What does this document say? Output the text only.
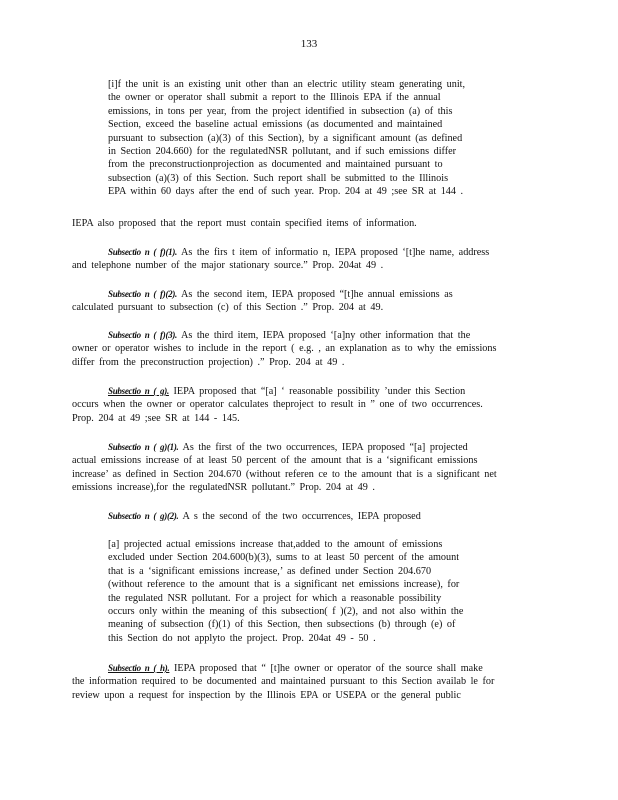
133
[i]f the unit is an existing unit other than an electric utility steam generating unit,
the owner or operator shall submit a report to the Illinois EPA if the annual
emissions, in tons per year, from the project identified in subsection (a) of this
Section, exceed the baseline actual emissions (as documented and maintained
pursuant to subsection (a)(3) of this Section), by a significant amount (as defined
in Section 204.660) for the regulatedNSR pollutant, and if such emissions differ
from the preconstructionprojection as documented and maintained pursuant to
subsection (a)(3) of this Section. Such report shall be submitted to the Illinois
EPA within 60 days after the end of such year. Prop. 204 at 49 ;see SR at 144 .
IEPA also proposed that the report must contain specified items of information.
Subsectio n ( f)(1). As the firs t item of informatio n, IEPA proposed ‘[t]he name, address
and telephone number of the major stationary source.” Prop. 204at 49 .
Subsectio n ( f)(2). As the second item, IEPA proposed “[t]he annual emissions as
calculated pursuant to subsection (c) of this Section .” Prop. 204 at 49.
Subsectio n ( f)(3). As the third item, IEPA proposed ‘[a]ny other information that the
owner or operator wishes to include in the report ( e.g. , an explanation as to why the emissions
differ from the preconstruction projection) .” Prop. 204 at 49 .
Subsectio n ( g). IEPA proposed that “[a] ‘ reasonable possibility ’under this Section
occurs when the owner or operator calculates theproject to result in ” one of two occurrences.
Prop. 204 at 49 ;see SR at 144 - 145.
Subsectio n ( g)(1). As the first of the two occurrences, IEPA proposed “[a] projected
actual emissions increase of at least 50 percent of the amount that is a ‘significant emissions
increase’ as defined in Section 204.670 (without referen ce to the amount that is a significant net
emissions increase),for the regulatedNSR pollutant.” Prop. 204 at 49 .
Subsectio n ( g)(2). A s the second of the two occurrences, IEPA proposed
[a] projected actual emissions increase that,added to the amount of emissions
excluded under Section 204.600(b)(3), sums to at least 50 percent of the amount
that is a ‘significant emissions increase,’ as defined under Section 204.670
(without reference to the amount that is a significant net emissions increase), for
the regulated NSR pollutant. For a project for which a reasonable possibility
occurs only within the meaning of this subsection( f )(2), and not also within the
meaning of subsection (f)(1) of this Section, then subsections (b) through (e) of
this Section do not applyto the project. Prop. 204at 49 - 50 .
Subsectio n ( h). IEPA proposed that “ [t]he owner or operator of the source shall make
the information required to be documented and maintained pursuant to this Section availab le for
review upon a request for inspection by the Illinois EPA or USEPA or the general public
